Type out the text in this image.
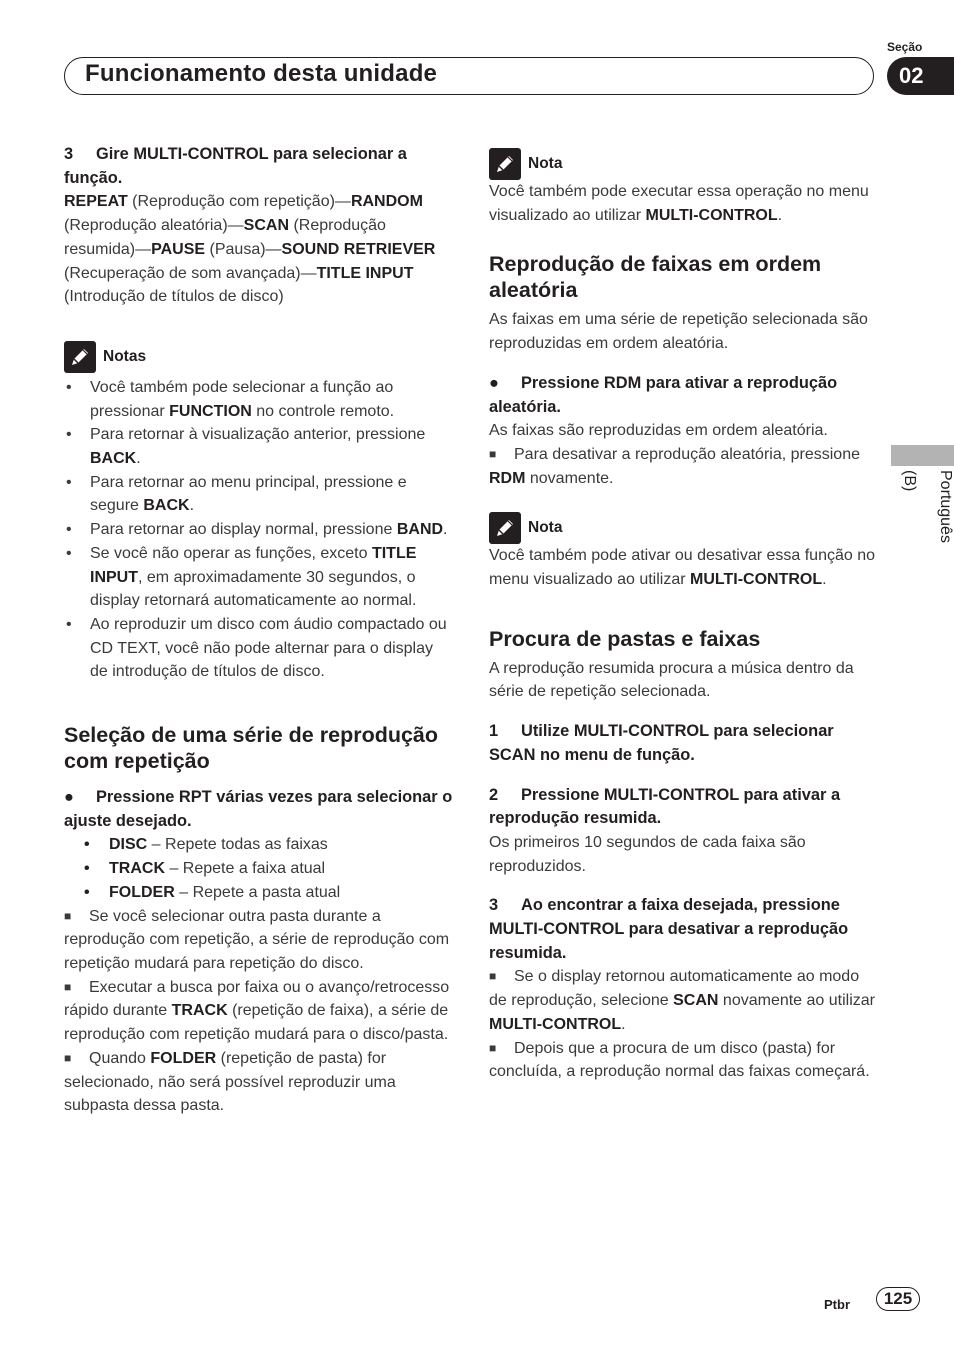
Funcionamento desta unidade
Seção
02
Português

(B)
Ptbr	125

3 Gire MULTI-CONTROL para selecionar a função.

REPEAT (Reprodução com repetição)—RANDOM (Reprodução aleatória)—SCAN (Reprodução resumida)—PAUSE (Pausa)—SOUND RETRIEVER (Recuperação de som avançada)—TITLE INPUT (Introdução de títulos de disco)

Notas
• Você também pode selecionar a função ao pressionar FUNCTION no controle remoto.
• Para retornar à visualização anterior, pressione BACK.
• Para retornar ao menu principal, pressione e segure BACK.
• Para retornar ao display normal, pressione BAND.
• Se você não operar as funções, exceto TITLE INPUT, em aproximadamente 30 segundos, o display retornará automaticamente ao normal.
• Ao reproduzir um disco com áudio compactado ou CD TEXT, você não pode alternar para o display de introdução de títulos de disco.

Seleção de uma série de reprodução com repetição

● Pressione RPT várias vezes para selecionar o ajuste desejado.

• DISC – Repete todas as faixas
• TRACK – Repete a faixa atual
• FOLDER – Repete a pasta atual

■ Se você selecionar outra pasta durante a reprodução com repetição, a série de reprodução com repetição mudará para repetição do disco.

■ Executar a busca por faixa ou o avanço/retrocesso rápido durante TRACK (repetição de faixa), a série de reprodução com repetição mudará para o disco/pasta.

■ Quando FOLDER (repetição de pasta) for selecionado, não será possível reproduzir uma subpasta dessa pasta.

Nota

Você também pode executar essa operação no menu visualizado ao utilizar MULTI-CONTROL.

Reprodução de faixas em ordem aleatória

As faixas em uma série de repetição selecionada são reproduzidas em ordem aleatória.

● Pressione RDM para ativar a reprodução aleatória.

As faixas são reproduzidas em ordem aleatória.

■ Para desativar a reprodução aleatória, pressione RDM novamente.

Nota

Você também pode ativar ou desativar essa função no menu visualizado ao utilizar MULTI-CONTROL.

Procura de pastas e faixas

A reprodução resumida procura a música dentro da série de repetição selecionada.

1 Utilize MULTI-CONTROL para selecionar SCAN no menu de função.

2 Pressione MULTI-CONTROL para ativar a reprodução resumida.

Os primeiros 10 segundos de cada faixa são reproduzidos.

3 Ao encontrar a faixa desejada, pressione MULTI-CONTROL para desativar a reprodução resumida.

■ Se o display retornou automaticamente ao modo de reprodução, selecione SCAN novamente ao utilizar MULTI-CONTROL.

■ Depois que a procura de um disco (pasta) for concluída, a reprodução normal das faixas começará.
